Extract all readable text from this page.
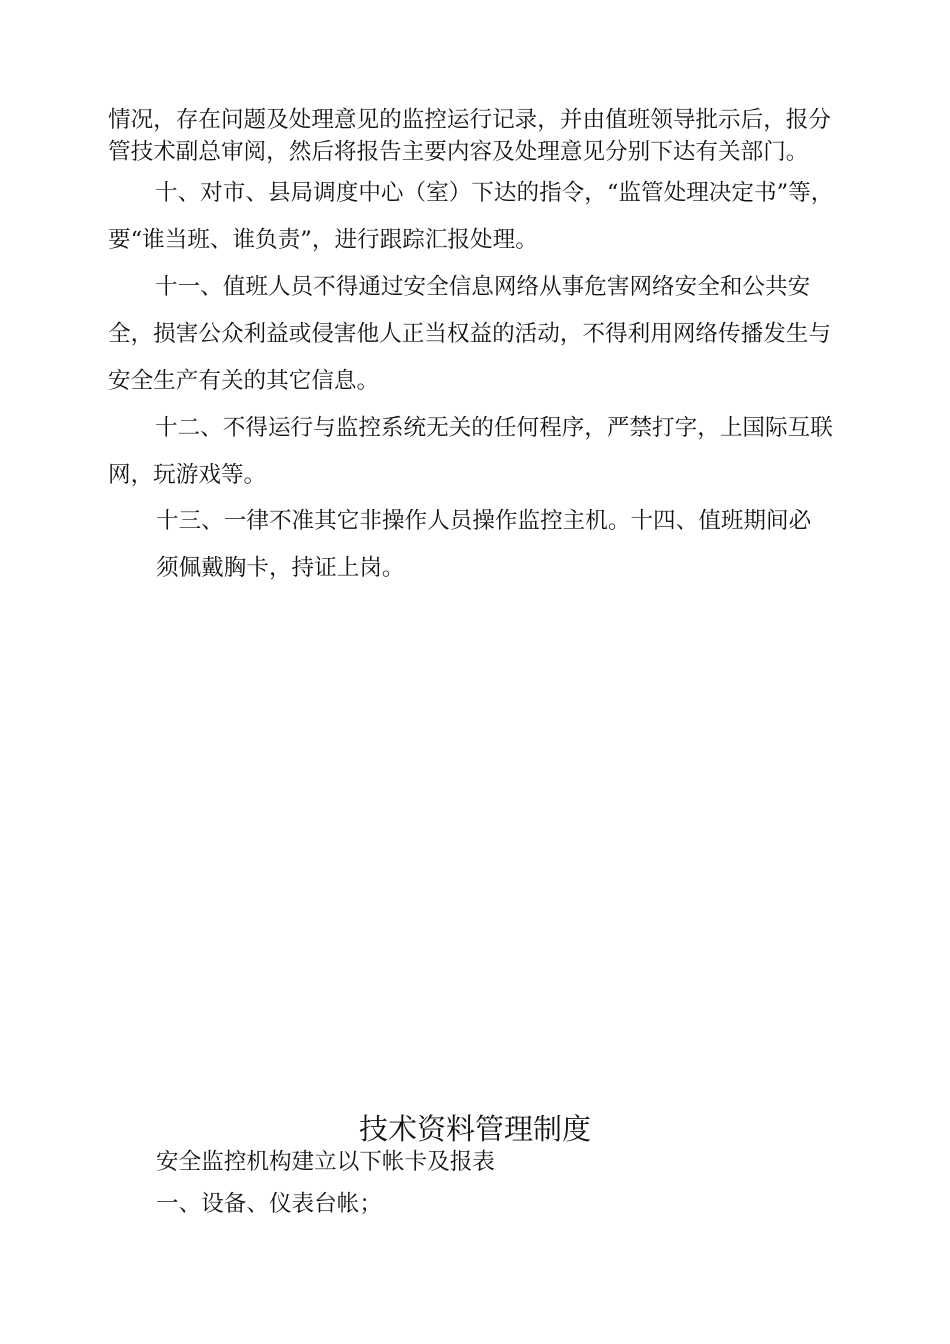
情况，存在问题及处理意见的监控运行记录，并由值班领导批示后，报分管技术副总审阅，然后将报告主要内容及处理意见分别下达有关部门。

十、对市、县局调度中心（室）下达的指令，“监管处理决定书”等，要“谁当班、谁负责”，进行跟踪汇报处理。

十一、值班人员不得通过安全信息网络从事危害网络安全和公共安全，损害公众利益或侵害他人正当权益的活动，不得利用网络传播发生与安全生产有关的其它信息。

十二、不得运行与监控系统无关的任何程序，严禁打字，上国际互联网，玩游戏等。

十三、一律不准其它非操作人员操作监控主机。十四、值班期间必

须佩戴胸卡，持证上岗。

技术资料管理制度

安全监控机构建立以下帐卡及报表

一、设备、仪表台帐；
